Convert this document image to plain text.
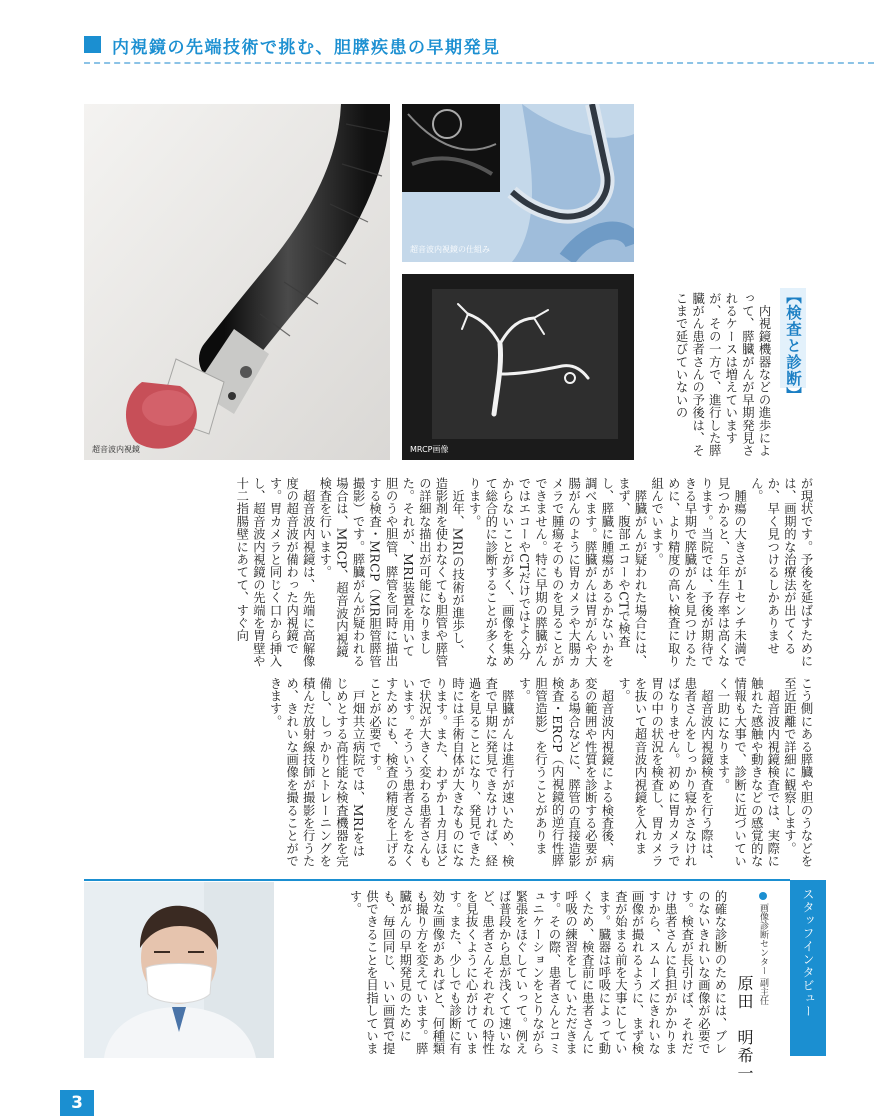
内視鏡の先端技術で挑む、胆膵疾患の早期発見
超音波内視鏡
超音波内視鏡の仕組み
MRCP画像
【検査と診断】
　内視鏡機器などの進歩によって、膵臓がんが早期発見されるケースは増えていますが、その一方で、進行した膵臓がん患者さんの予後は、そこまで延びていないの
が現状です。予後を延ばすためには、画期的な治療法が出てくるか、早く見つけるしかありません。
　腫瘍の大きさが１センチ未満で見つかると、５年生存率は高くなります。当院では、予後が期待できる早期で膵臓がんを見つけるために、より精度の高い検査に取り組んでいます。
　膵臓がんが疑われた場合には、まず、腹部エコーやCTで検査し、膵臓に腫瘍があるかないかを調べます。膵臓がんは胃がんや大腸がんのように胃カメラや大腸カメラで腫瘍そのものを見ることができません。特に早期の膵臓がんではエコーやCTだけではよく分からないことが多く、画像を集めて総合的に診断することが多くなります。
　近年、MRIの技術が進歩し、造影剤を使わなくても胆管や膵管の詳細な描出が可能になりました。それが、MRI装置を用いて胆のうや胆管、膵管を同時に描出する検査・MRCP（MR胆管膵管撮影）です。膵臓がんが疑われる場合は、MRCP、超音波内視鏡検査を行います。
　超音波内視鏡は、先端に高解像度の超音波が備わった内視鏡です。胃カメラと同じく口から挿入し、超音波内視鏡の先端を胃壁や十二指腸壁にあてて、すぐ向
こう側にある膵臓や胆のうなどを至近距離で詳細に観察します。
　超音波内視鏡検査では、実際に触れた感触や動きなどの感覚的な情報も大事で、診断に近づいていく一助になります。
　超音波内視鏡検査を行う際は、患者さんをしっかり寝かさなければなりません。初めに胃カメラで胃の中の状況を検査し、胃カメラを抜いて超音波内視鏡を入れます。
　超音波内視鏡による検査後、病変の範囲や性質を診断する必要がある場合などに、膵管の直接造影検査・ERCP（内視鏡的逆行性膵胆管造影）を行うことがあります。
　膵臓がんは進行が速いため、検査で早期に発見できなければ、経過を見ることになり、発見できた時には手術自体が大きなものになります。また、わずか１カ月ほどで状況が大きく変わる患者さんもいます。そういう患者さんをなくすためにも、検査の精度を上げることが必要です。
　戸畑共立病院では、MRIをはじめとする高性能な検査機器を完備し、しっかりとトレーニングを積んだ放射線技師が撮影を行うため、きれいな画像を撮ることができます。
スタッフインタビュー
画像診断センター 副主任
原田　明希一
的確な診断のためには、ブレのないきれいな画像が必要です。検査が長引けば、それだけ患者さんに負担がかかりますから、スムーズにきれいな画像が撮れるように、まず検査が始まる前を大事にしています。臓器は呼吸によって動くため、検査前に患者さんに呼吸の練習をしていただきます。その際、患者さんとコミュニケーションをとりながら緊張をほぐしていって。例えば普段から息が浅くて速いなど、患者さんそれぞれの特性を見抜くように心がけています。また、少しでも診断に有効な画像があればと、何種類も撮り方を変えています。膵臓がんの早期発見のためにも、毎回同じ、いい画質で提供できることを目指しています。
3
